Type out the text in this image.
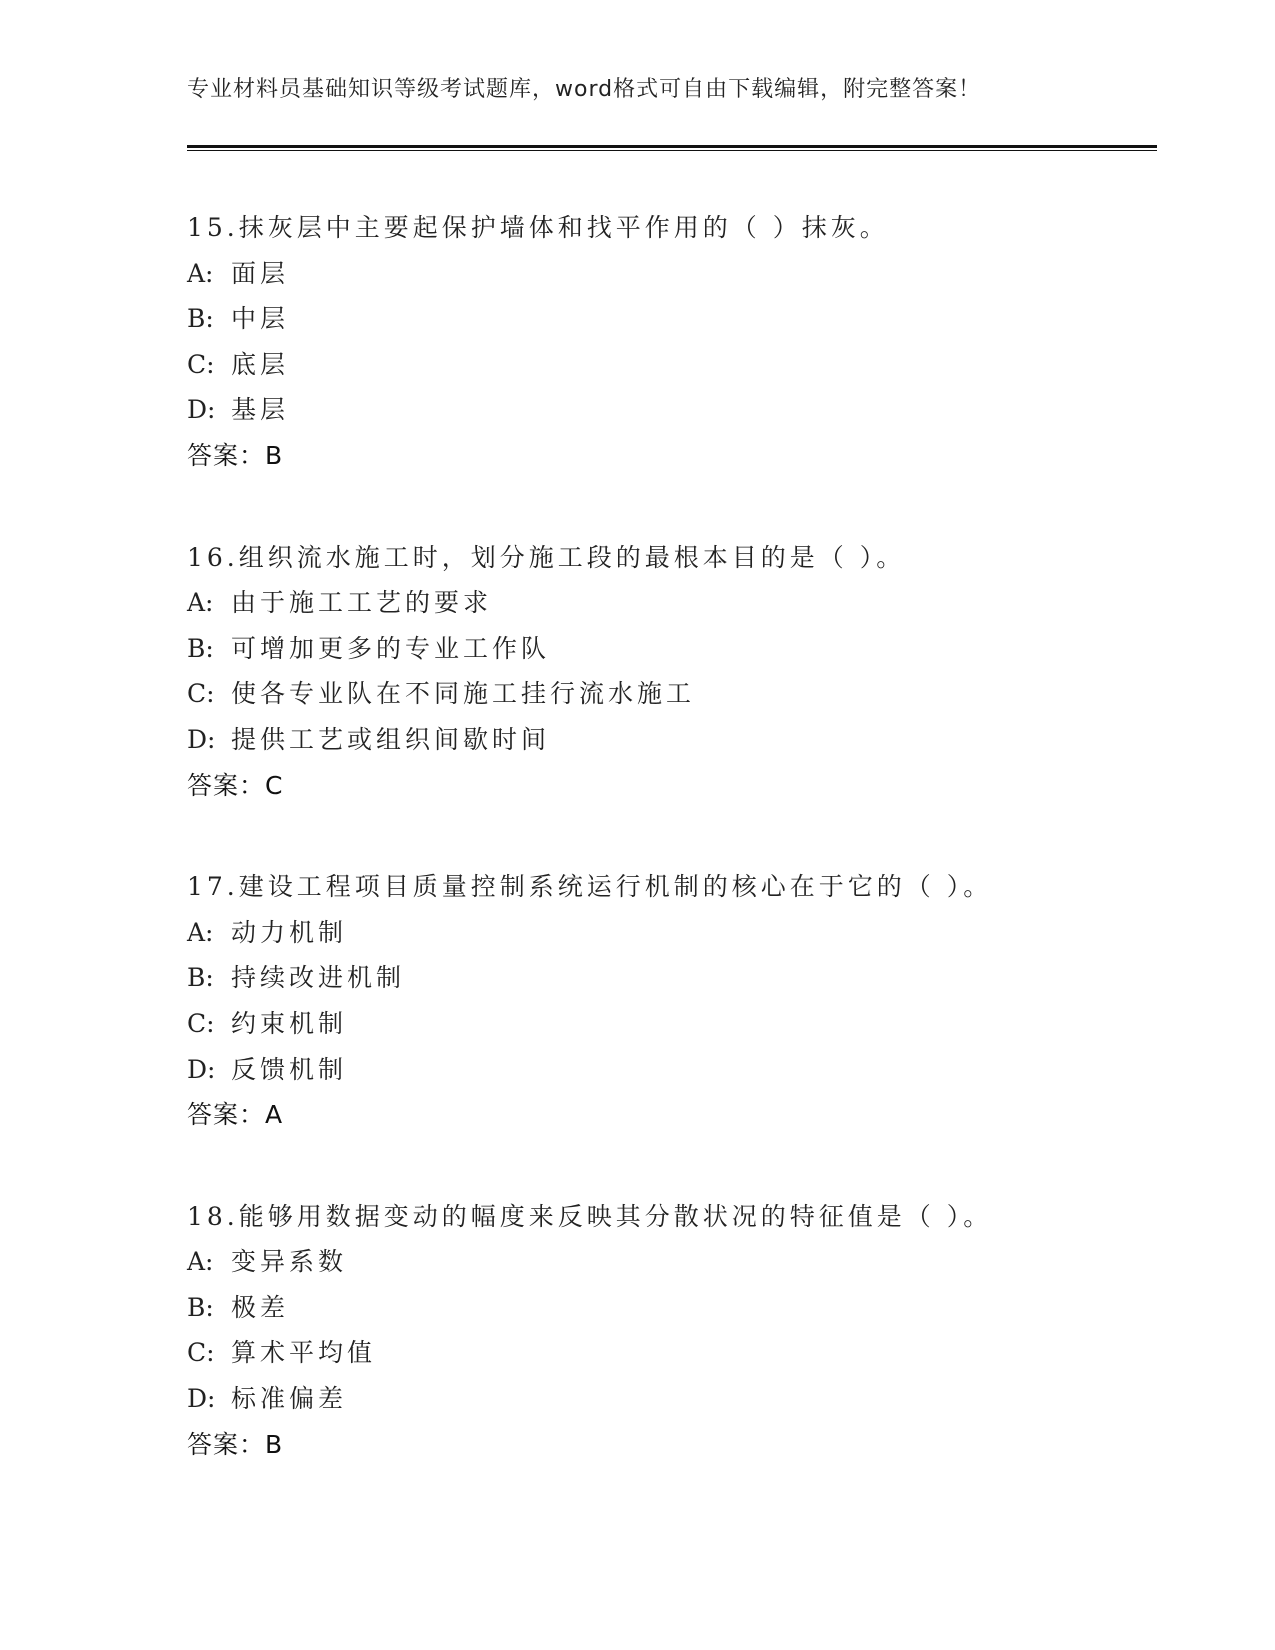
专业材料员基础知识等级考试题库，word格式可自由下载编辑，附完整答案！
15.抹灰层中主要起保护墙体和找平作用的（ ）抹灰。
A: 面层
B: 中层
C: 底层
D: 基层
答案：B
16.组织流水施工时，划分施工段的最根本目的是（ ）。
A: 由于施工工艺的要求
B: 可增加更多的专业工作队
C: 使各专业队在不同施工挂行流水施工
D: 提供工艺或组织间歇时间
答案：C
17.建设工程项目质量控制系统运行机制的核心在于它的（ ）。
A: 动力机制
B: 持续改进机制
C: 约束机制
D: 反馈机制
答案：A
18.能够用数据变动的幅度来反映其分散状况的特征值是（ ）。
A: 变异系数
B: 极差
C: 算术平均值
D: 标准偏差
答案：B
